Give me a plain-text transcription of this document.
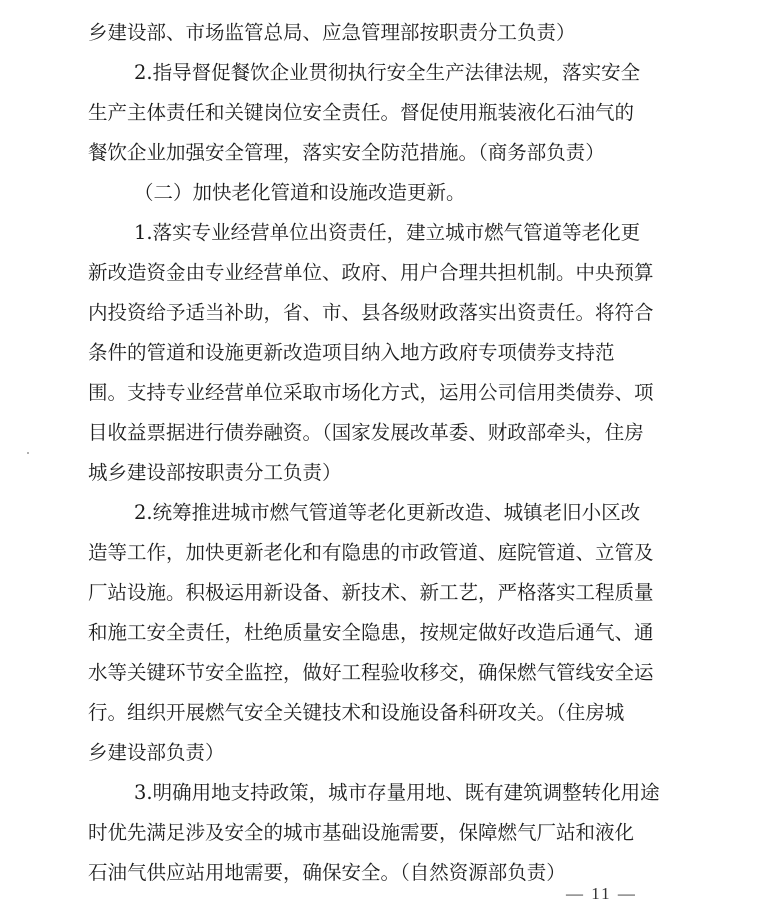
乡建设部、市场监管总局、应急管理部按职责分工负责）
2.指导督促餐饮企业贯彻执行安全生产法律法规，落实安全
生产主体责任和关键岗位安全责任。督促使用瓶装液化石油气的
餐饮企业加强安全管理，落实安全防范措施。（商务部负责）
（二）加快老化管道和设施改造更新。
1.落实专业经营单位出资责任，建立城市燃气管道等老化更
新改造资金由专业经营单位、政府、用户合理共担机制。中央预算
内投资给予适当补助，省、市、县各级财政落实出资责任。将符合
条件的管道和设施更新改造项目纳入地方政府专项债券支持范
围。支持专业经营单位采取市场化方式，运用公司信用类债券、项
目收益票据进行债券融资。（国家发展改革委、财政部牵头，住房
城乡建设部按职责分工负责）
2.统筹推进城市燃气管道等老化更新改造、城镇老旧小区改
造等工作，加快更新老化和有隐患的市政管道、庭院管道、立管及
厂站设施。积极运用新设备、新技术、新工艺，严格落实工程质量
和施工安全责任，杜绝质量安全隐患，按规定做好改造后通气、通
水等关键环节安全监控，做好工程验收移交，确保燃气管线安全运
行。组织开展燃气安全关键技术和设施设备科研攻关。（住房城
乡建设部负责）
3.明确用地支持政策，城市存量用地、既有建筑调整转化用途
时优先满足涉及安全的城市基础设施需要，保障燃气厂站和液化
石油气供应站用地需要，确保安全。（自然资源部负责）
— 11 —
